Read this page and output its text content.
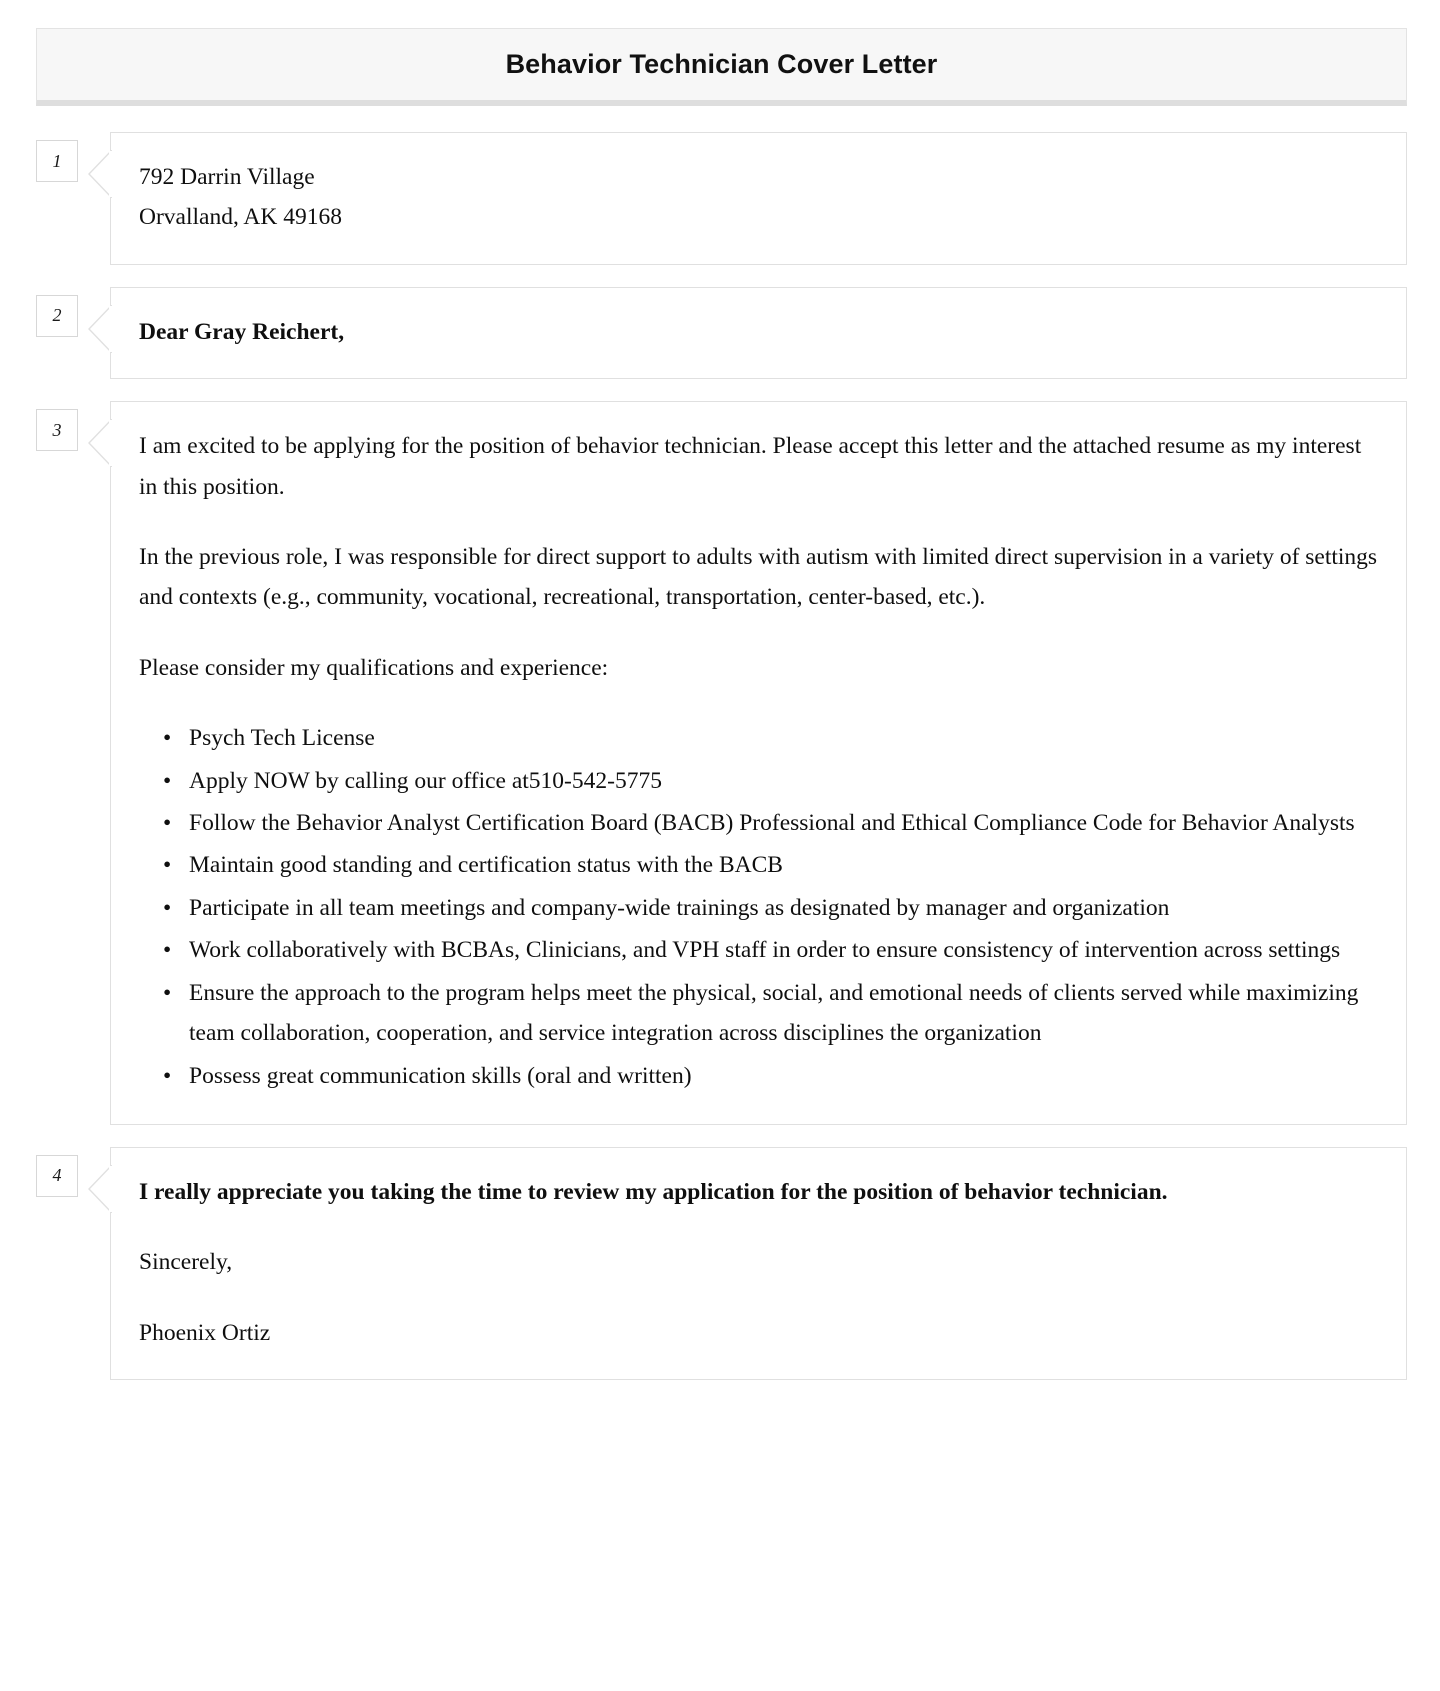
Behavior Technician Cover Letter
1

792 Darrin Village
Orvalland, AK 49168

2

Dear Gray Reichert,

3

I am excited to be applying for the position of behavior technician. Please accept this letter and the attached resume as my interest in this position.

In the previous role, I was responsible for direct support to adults with autism with limited direct supervision in a variety of settings and contexts (e.g., community, vocational, recreational, transportation, center-based, etc.).

Please consider my qualifications and experience:

• Psych Tech License
• Apply NOW by calling our office at510-542-5775
• Follow the Behavior Analyst Certification Board (BACB) Professional and Ethical Compliance Code for Behavior Analysts
• Maintain good standing and certification status with the BACB
• Participate in all team meetings and company-wide trainings as designated by manager and organization
• Work collaboratively with BCBAs, Clinicians, and VPH staff in order to ensure consistency of intervention across settings
• Ensure the approach to the program helps meet the physical, social, and emotional needs of clients served while maximizing team collaboration, cooperation, and service integration across disciplines the organization
• Possess great communication skills (oral and written)
4

I really appreciate you taking the time to review my application for the position of behavior technician.

Sincerely,

Phoenix Ortiz
